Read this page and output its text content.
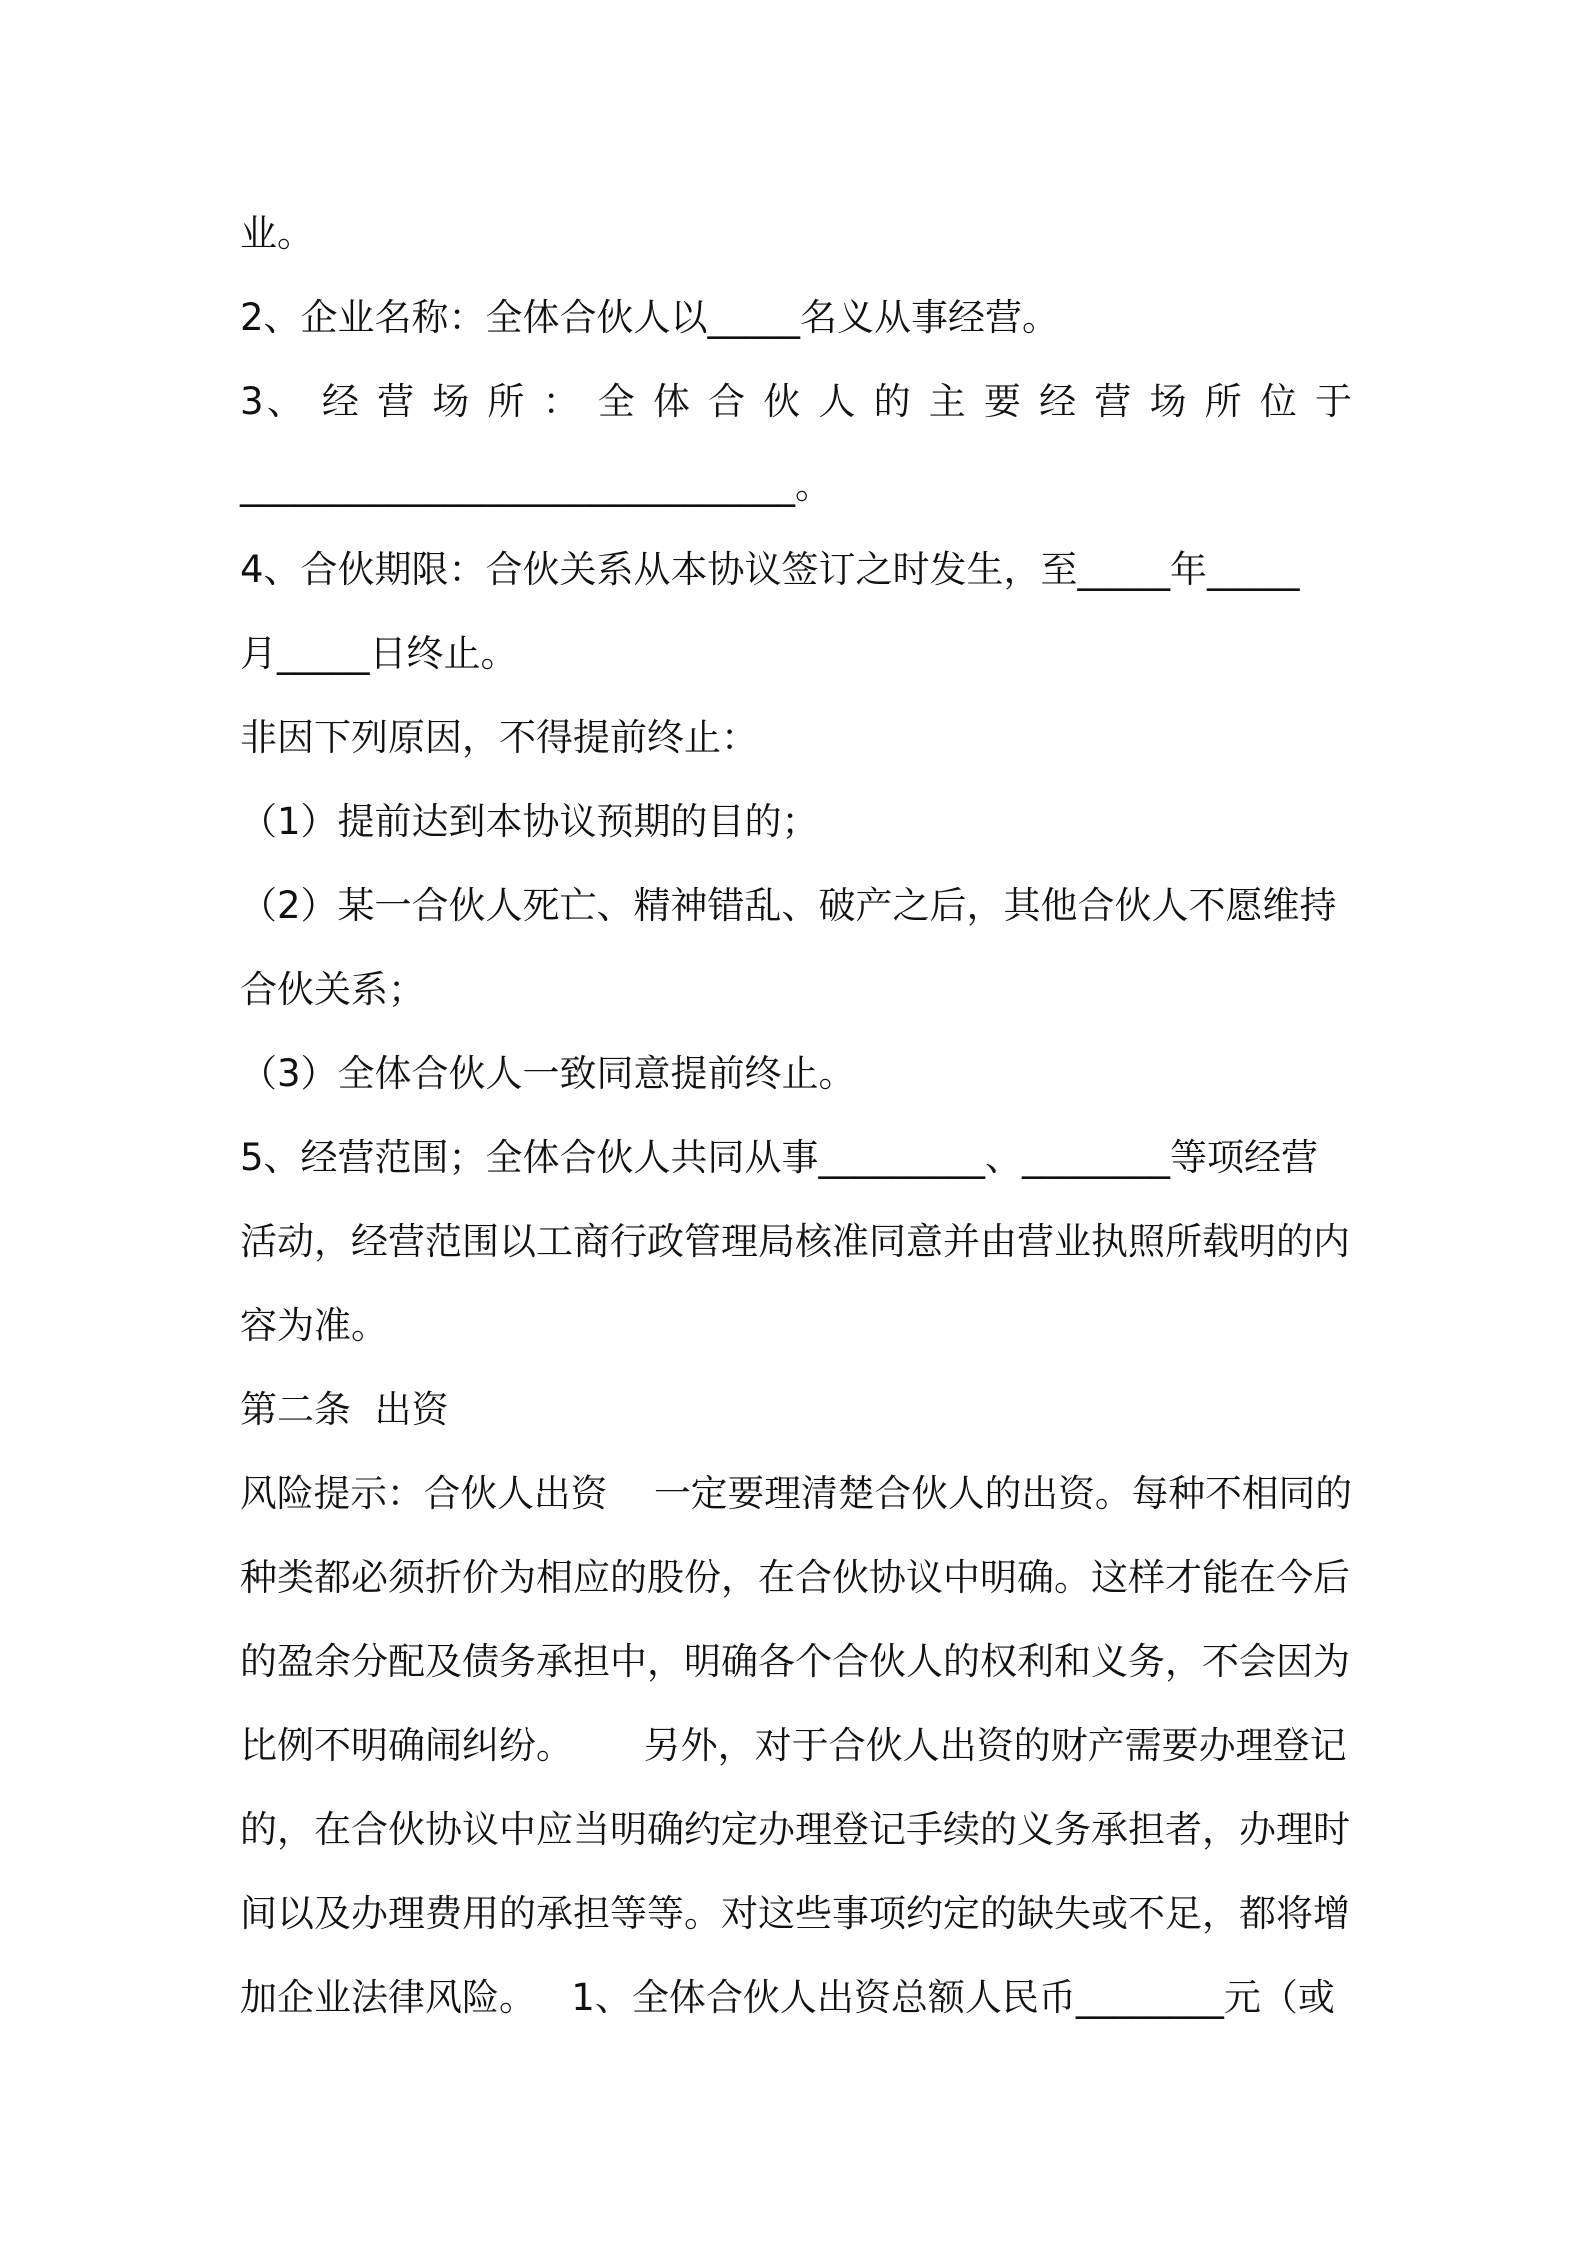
业。
2、企业名称：全体合伙人以_____名义从事经营。
3、 经 营 场 所 ： 全 体 合 伙 人 的 主 要 经 营 场 所 位 于
______________________________。
4、合伙期限：合伙关系从本协议签订之时发生，至_____年_____
月_____日终止。
非因下列原因，不得提前终止：
（1）提前达到本协议预期的目的；
（2）某一合伙人死亡、精神错乱、破产之后，其他合伙人不愿维持
合伙关系；
（3）全体合伙人一致同意提前终止。
5、经营范围；全体合伙人共同从事_________、________等项经营
活动，经营范围以工商行政管理局核准同意并由营业执照所载明的内
容为准。
第二条  出资
风险提示：合伙人出资    一定要理清楚合伙人的出资。每种不相同的
种类都必须折价为相应的股份，在合伙协议中明确。这样才能在今后
的盈余分配及债务承担中，明确各个合伙人的权利和义务，不会因为
比例不明确闹纠纷。      另外，对于合伙人出资的财产需要办理登记
的，在合伙协议中应当明确约定办理登记手续的义务承担者，办理时
间以及办理费用的承担等等。对这些事项约定的缺失或不足，都将增
加企业法律风险。   1、全体合伙人出资总额人民币________元（或
